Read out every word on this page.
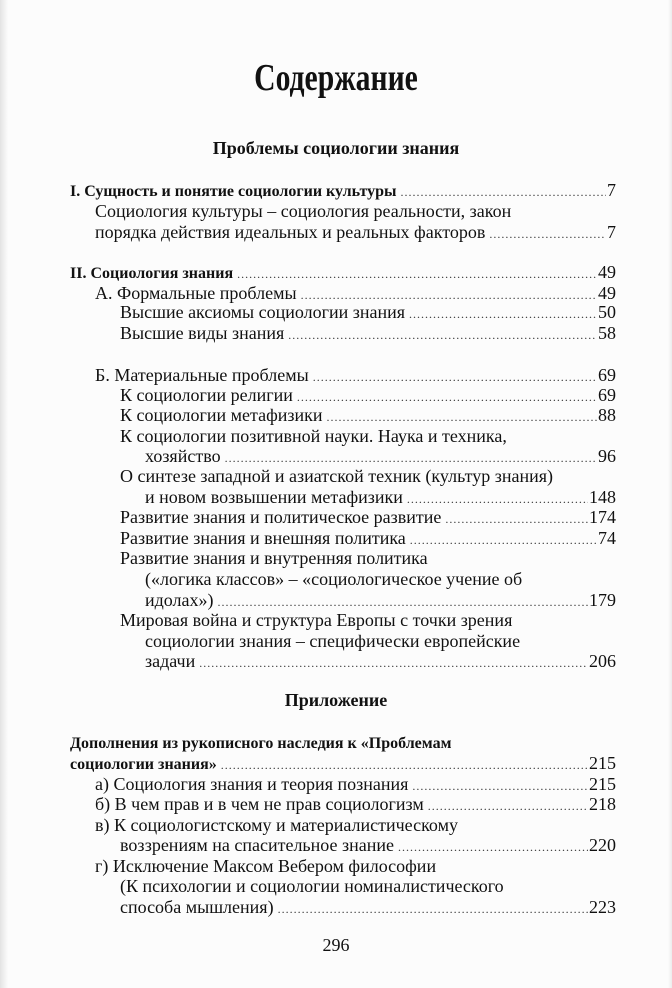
Содержание
Проблемы социологии знания
Приложение
I. Сущность и понятие социологии культуры .....	7
Социология культуры – социология реальности, закон
порядка действия идеальных и реальных факторов .....	7
II. Социология знания .....	49
А. Формальные проблемы .....	49
Высшие аксиомы социологии знания .....	50
Высшие виды знания .....	58
Б. Материальные проблемы .....	69
К социологии религии .....	69
К социологии метафизики .....	88
К социологии позитивной науки. Наука и техника,
хозяйство .....	96
О синтезе западной и азиатской техник (культур знания)
и новом возвышении метафизики .....	148
Развитие знания и политическое развитие .....	174
Развитие знания и внешняя политика .....	74
Развитие знания и внутренняя политика
(«логика классов» – «социологическое учение об
идолах») .....	179
Мировая война и структура Европы с точки зрения
социологии знания – специфически европейские
задачи .....	206
Дополнения из рукописного наследия к «Проблемам
социологии знания» .....	215
а) Социология знания и теория познания .....	215
б) В чем прав и в чем не прав социологизм .....	218
в) К социологистскому и материалистическому
воззрениям на спасительное знание .....	220
г) Исключение Максом Вебером философии
(К психологии и социологии номиналистического
способа мышления) .....	223
296
